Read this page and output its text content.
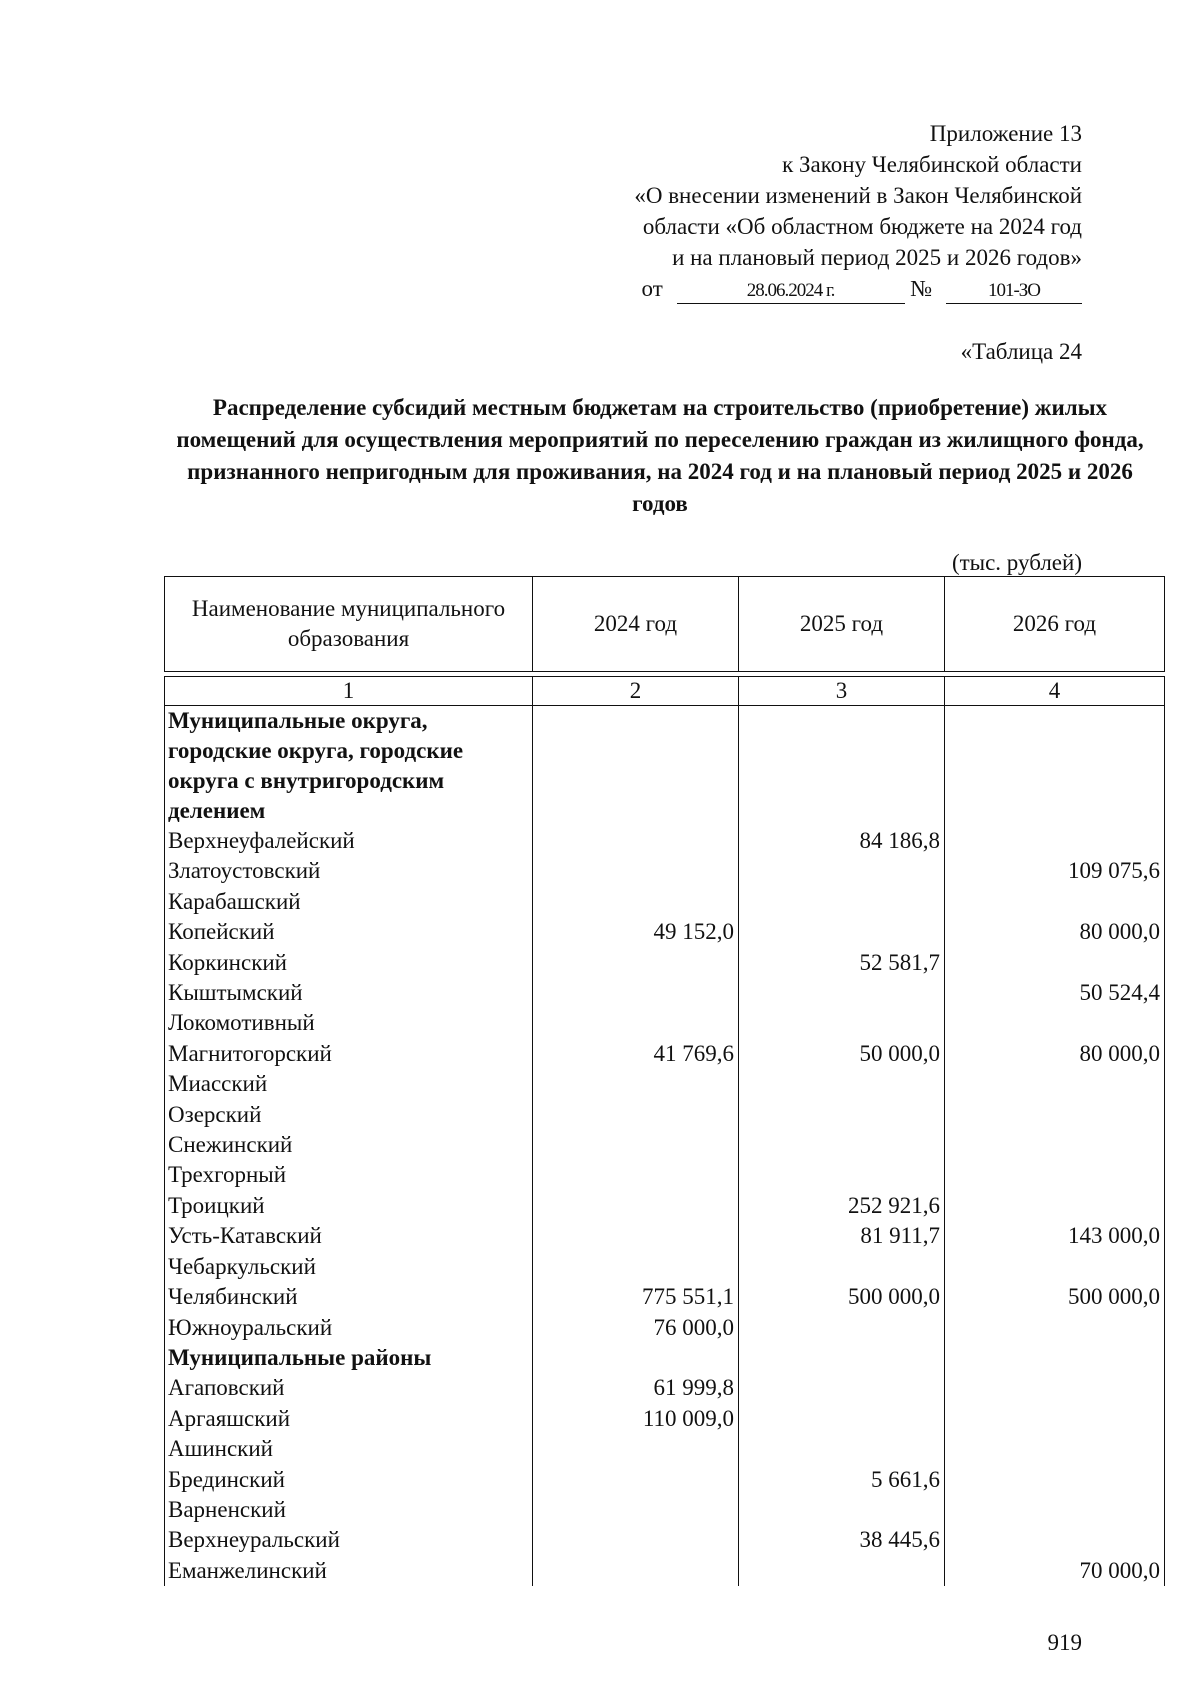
Приложение 13
к Закону Челябинской области
«О внесении изменений в Закон Челябинской
области «Об областном бюджете на 2024 год
и на плановый период 2025 и 2026 годов»
от	28.06.2024 г.	№	101-ЗО
«Таблица 24
Распределение субсидий местным бюджетам на строительство (приобретение) жилых помещений для осуществления мероприятий по переселению граждан из жилищного фонда, признанного непригодным для проживания, на 2024 год и на плановый период 2025 и 2026 годов
(тыс. рублей)
Наименование муниципального образования	2024 год	2025 год	2026 год

1	2	3	4
Муниципальные округа, городские округа, городские округа с внутригородским делением			
Верхнеуфалейский		84 186,8	
Златоустовский			109 075,6
Карабашский			
Копейский	49 152,0		80 000,0
Коркинский		52 581,7	
Кыштымский			50 524,4
Локомотивный			
Магнитогорский	41 769,6	50 000,0	80 000,0
Миасский			
Озерский			
Снежинский			
Трехгорный			
Троицкий		252 921,6	
Усть-Катавский		81 911,7	143 000,0
Чебаркульский			
Челябинский	775 551,1	500 000,0	500 000,0
Южноуральский	76 000,0		
Муниципальные районы			
Агаповский	61 999,8		
Аргаяшский	110 009,0		
Ашинский			
Брединский		5 661,6	
Варненский			
Верхнеуральский		38 445,6	
Еманжелинский			70 000,0
919
